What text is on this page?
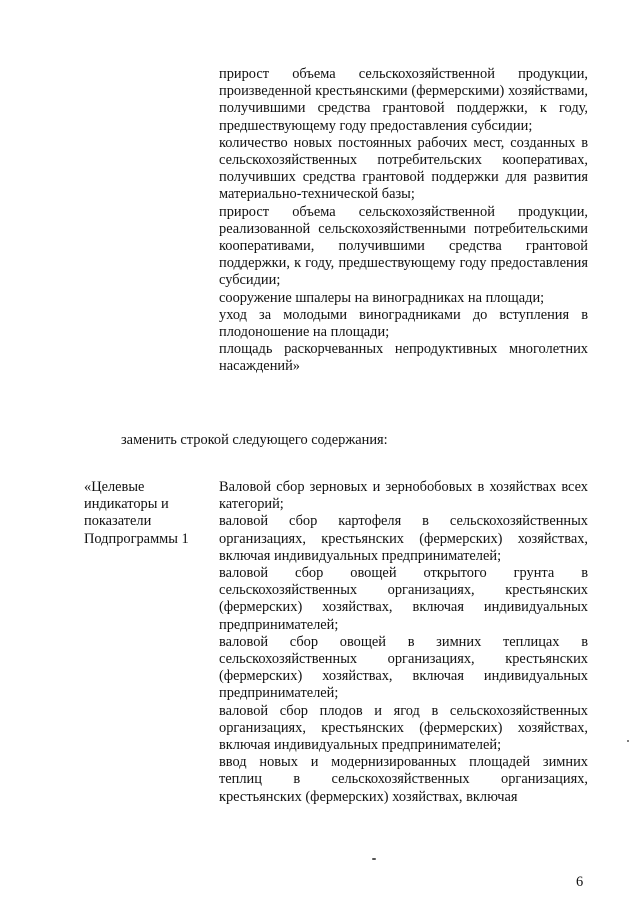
прирост объема сельскохозяйственной продукции, произведенной крестьянскими (фермерскими) хозяйствами, получившими средства грантовой поддержки, к году, предшествующему году предоставления субсидии;

количество новых постоянных рабочих мест, созданных в сельскохозяйственных потребительских кооперативах, получивших средства грантовой поддержки для развития материально-технической базы;

прирост объема сельскохозяйственной продукции, реализованной сельскохозяйственными потребительскими кооперативами, получившими средства грантовой поддержки, к году, предшествующему году предоставления субсидии;

сооружение шпалеры на виноградниках на площади;

уход за молодыми виноградниками до вступления в плодоношение на площади;

площадь раскорчеванных непродуктивных многолетних насаждений»

заменить строкой следующего содержания:

«Целевые
индикаторы и
показатели
Подпрограммы 1

Валовой сбор зерновых и зернобобовых в хозяйствах всех категорий;

валовой сбор картофеля в сельскохозяйственных организациях, крестьянских (фермерских) хозяйствах, включая индивидуальных предпринимателей;

валовой сбор овощей открытого грунта в сельскохозяйственных организациях, крестьянских (фермерских) хозяйствах, включая индивидуальных предпринимателей;

валовой сбор овощей в зимних теплицах в сельскохозяйственных организациях, крестьянских (фермерских) хозяйствах, включая индивидуальных предпринимателей;

валовой сбор плодов и ягод в сельскохозяйственных организациях, крестьянских (фермерских) хозяйствах, включая индивидуальных предпринимателей;

ввод новых и модернизированных площадей зимних теплиц в сельскохозяйственных организациях, крестьянских (фермерских) хозяйствах, включая

6
